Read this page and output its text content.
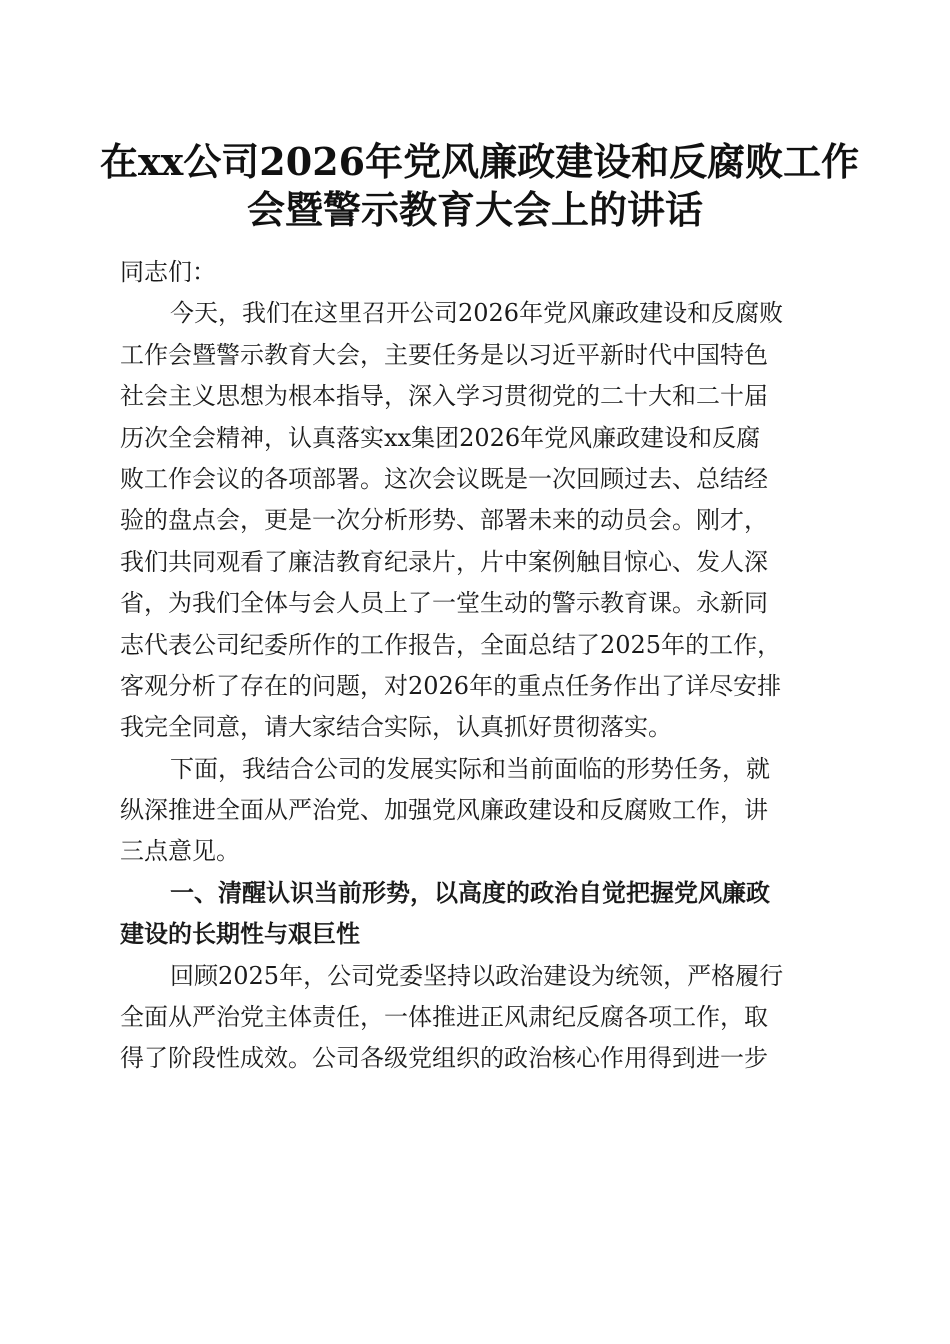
在xx公司2026年党风廉政建设和反腐败工作
会暨警示教育大会上的讲话
同志们：
今天，我们在这里召开公司2026年党风廉政建设和反腐败
工作会暨警示教育大会，主要任务是以习近平新时代中国特色
社会主义思想为根本指导，深入学习贯彻党的二十大和二十届
历次全会精神，认真落实xx集团2026年党风廉政建设和反腐
败工作会议的各项部署。这次会议既是一次回顾过去、总结经
验的盘点会，更是一次分析形势、部署未来的动员会。刚才，
我们共同观看了廉洁教育纪录片，片中案例触目惊心、发人深
省，为我们全体与会人员上了一堂生动的警示教育课。永新同
志代表公司纪委所作的工作报告，全面总结了2025年的工作，
客观分析了存在的问题，对2026年的重点任务作出了详尽安排
我完全同意，请大家结合实际，认真抓好贯彻落实。
下面，我结合公司的发展实际和当前面临的形势任务，就
纵深推进全面从严治党、加强党风廉政建设和反腐败工作，讲
三点意见。
一、清醒认识当前形势，以高度的政治自觉把握党风廉政
建设的长期性与艰巨性
回顾2025年，公司党委坚持以政治建设为统领，严格履行
全面从严治党主体责任，一体推进正风肃纪反腐各项工作，取
得了阶段性成效。公司各级党组织的政治核心作用得到进一步
